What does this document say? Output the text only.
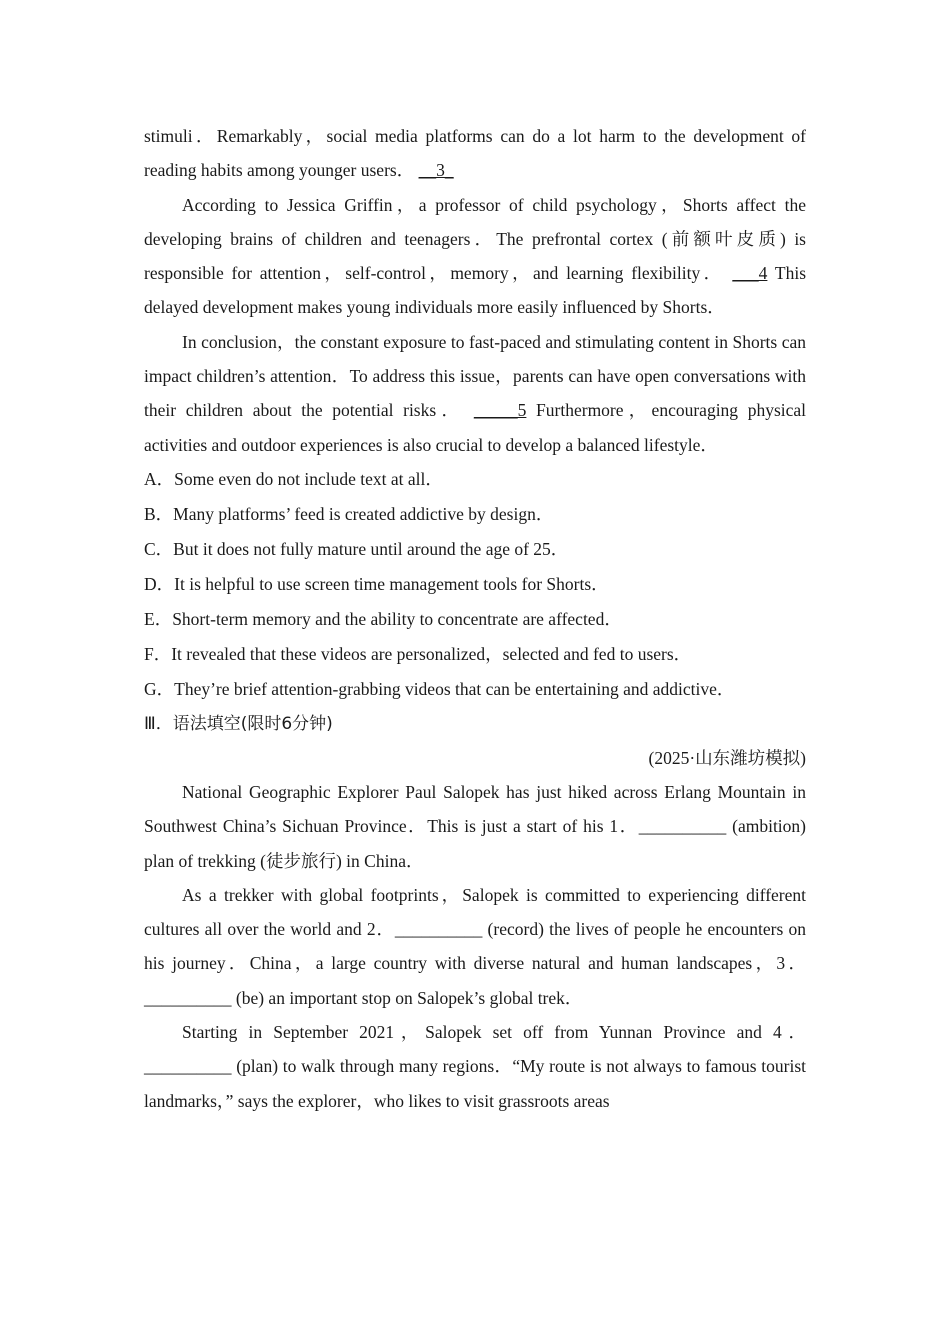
stimuli．Remarkably，social media platforms can do a lot harm to the development of reading habits among younger users． __3_

According to Jessica Griffin，a professor of child psychology，Shorts affect the developing brains of children and teenagers．The prefrontal cortex (前额叶皮质) is responsible for attention，self-control，memory，and learning flexibility． ___4 This delayed development makes young individuals more easily influenced by Shorts．

In conclusion，the constant exposure to fast-paced and stimulating content in Shorts can impact children’s attention．To address this issue，parents can have open conversations with their children about the potential risks． _____5 Furthermore，encouraging physical activities and outdoor experiences is also crucial to develop a balanced lifestyle．

A．Some even do not include text at all．

B．Many platforms’ feed is created addictive by design．

C．But it does not fully mature until around the age of 25．

D．It is helpful to use screen time management tools for Shorts．

E．Short-term memory and the ability to concentrate are affected．

F．It revealed that these videos are personalized，selected and fed to users．

G．They’re brief attention-grabbing videos that can be entertaining and addictive．

Ⅲ．语法填空(限时6分钟)

(2025·山东潍坊模拟)

National Geographic Explorer Paul Salopek has just hiked across Erlang Mountain in Southwest China’s Sichuan Province．This is just a start of his 1．__________ (ambition) plan of trekking (徒步旅行) in China．

As a trekker with global footprints，Salopek is committed to experiencing different cultures all over the world and 2．__________ (record) the lives of people he encounters on his journey．China，a large country with diverse natural and human landscapes，3．__________ (be) an important stop on Salopek’s global trek．

Starting in September 2021，Salopek set off from Yunnan Province and 4．__________ (plan) to walk through many regions．“My route is not always to famous tourist landmarks，” says the explorer，who likes to visit grassroots areas
